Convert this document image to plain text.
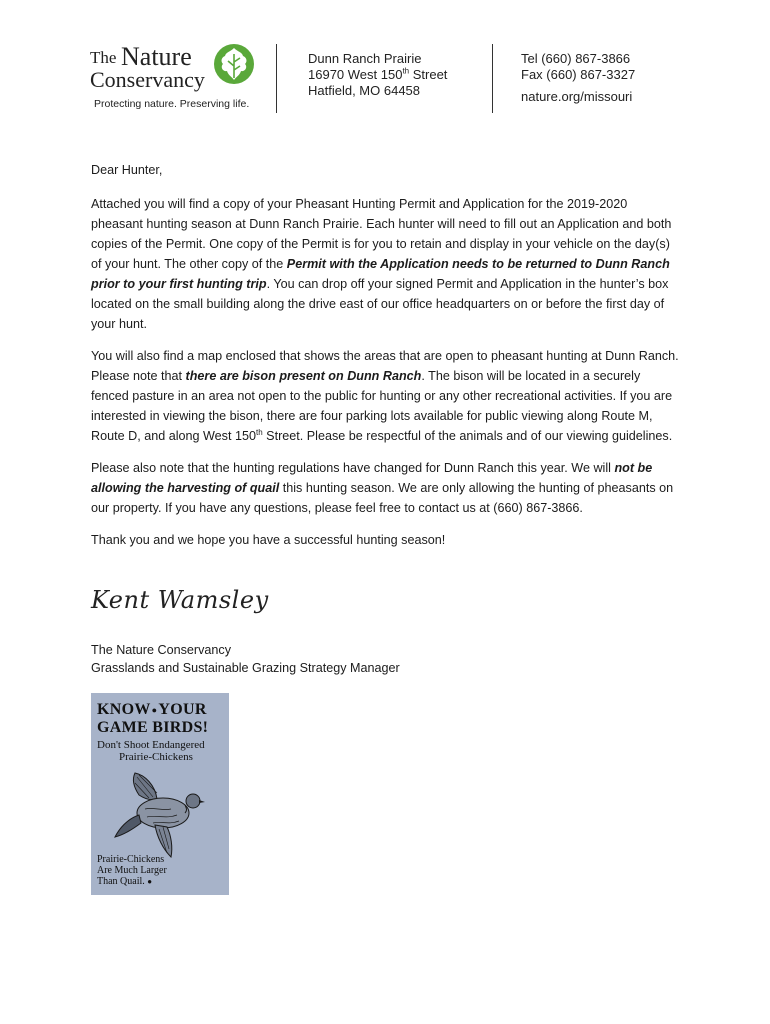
The Nature
Conservancy
Protecting nature. Preserving life.
Dunn Ranch Prairie
16970 West 150th Street
Hatfield, MO 64458
Tel (660) 867-3866
Fax (660) 867-3327
nature.org/missouri

Dear Hunter,

Attached you will find a copy of your Pheasant Hunting Permit and Application for the 2019-2020 pheasant hunting season at Dunn Ranch Prairie. Each hunter will need to fill out an Application and both copies of the Permit. One copy of the Permit is for you to retain and display in your vehicle on the day(s) of your hunt. The other copy of the Permit with the Application needs to be returned to Dunn Ranch prior to your first hunting trip. You can drop off your signed Permit and Application in the hunter’s box located on the small building along the drive east of our office headquarters on or before the first day of your hunt.

You will also find a map enclosed that shows the areas that are open to pheasant hunting at Dunn Ranch. Please note that there are bison present on Dunn Ranch. The bison will be located in a securely fenced pasture in an area not open to the public for hunting or any other recreational activities. If you are interested in viewing the bison, there are four parking lots available for public viewing along Route M, Route D, and along West 150th Street. Please be respectful of the animals and of our viewing guidelines.

Please also note that the hunting regulations have changed for Dunn Ranch this year. We will not be allowing the harvesting of quail this hunting season. We are only allowing the hunting of pheasants on our property. If you have any questions, please feel free to contact us at (660) 867-3866.

Thank you and we hope you have a successful hunting season!

Kent Wamsley
The Nature Conservancy
Grasslands and Sustainable Grazing Strategy Manager
KNOW●YOUR
GAME BIRDS!
Don't Shoot Endangered
Prairie-Chickens
Prairie-Chickens
Are Much Larger
Than Quail. ●
